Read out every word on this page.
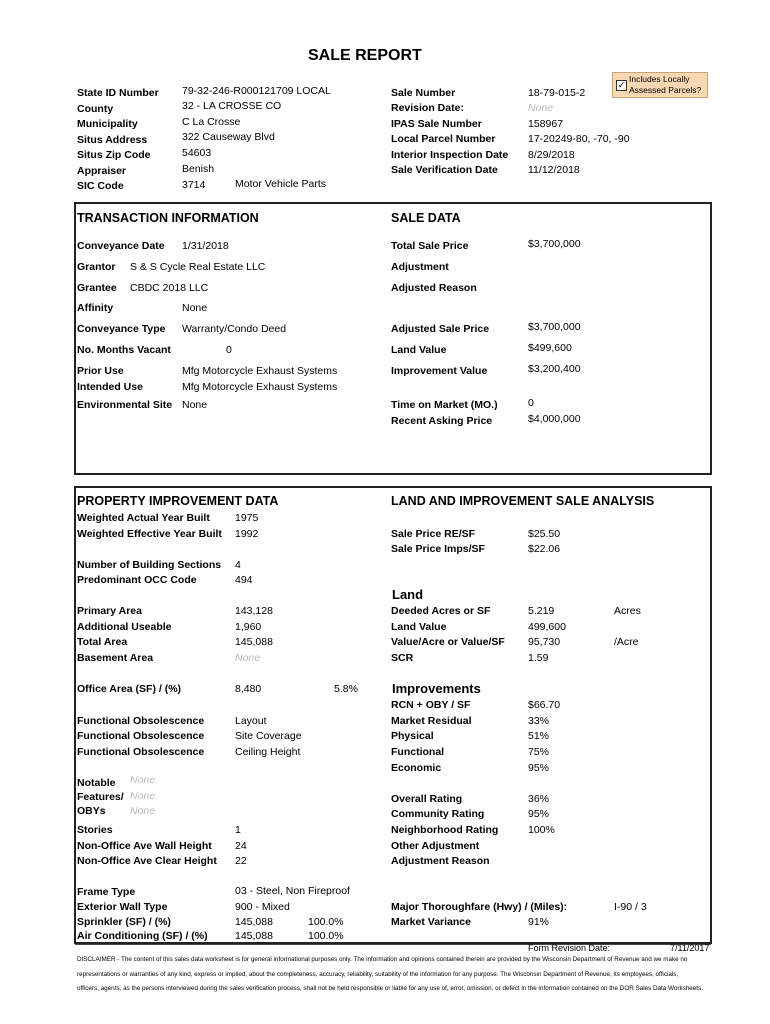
SALE REPORT
✓
Includes Locally Assessed Parcels?
State ID Number 79-32-246-R000121709 LOCAL
County	32 - LA CROSSE CO
Municipality	C La Crosse
Situs Address	322 Causeway Blvd
Situs Zip Code	54603
Appraiser	Benish
SIC Code	3714	Motor Vehicle Parts
Sale Number	18-79-015-2
Revision Date:	None
IPAS Sale Number	158967
Local Parcel Number	17-20249-80, -70, -90
Interior Inspection Date 8/29/2018
Sale Verification Date	11/12/2018
TRANSACTION INFORMATION	SALE DATA
Conveyance Date 1/31/2018
Grantor S & S Cycle Real Estate LLC
Grantee CBDC 2018 LLC
Affinity	None
Conveyance Type Warranty/Condo Deed
No. Months Vacant	0
Prior Use	Mfg Motorcycle Exhaust Systems
Intended Use	Mfg Motorcycle Exhaust Systems
Environmental Site None
Total Sale Price	$3,700,000
Adjustment
Adjusted Reason
Adjusted Sale Price	$3,700,000
Land Value	$499,600
Improvement Value	$3,200,400
Time on Market (MO.)	0
Recent Asking Price	$4,000,000
PROPERTY IMPROVEMENT DATA	LAND AND IMPROVEMENT SALE ANALYSIS
Weighted Actual Year Built 1975
Weighted Effective Year Built 1992
Number of Building Sections 4
Predominant OCC Code	494
Primary Area	143,128
Additional Useable	1,960
Total Area	145,088
Basement Area	None
Office Area (SF) / (%)	8,480	5.8%
Functional Obsolescence	Layout
Functional Obsolescence	Site Coverage
Functional Obsolescence	Ceiling Height
Notable
Features/
OBYs
None
None
None
Stories	1
Non-Office Ave Wall Height 24
Non-Office Ave Clear Height 22
Frame Type	03 - Steel, Non Fireproof
Exterior Wall Type	900 - Mixed
Sprinkler (SF) / (%)	145,088	100.0%
Air Conditioning (SF) / (%)	145,088	100.0%
Sale Price RE/SF	$25.50
Sale Price Imps/SF	$22.06
Land
Deeded Acres or SF	5.219	Acres
Land Value	499,600
Value/Acre or Value/SF 95,730	/Acre
SCR	1.59
Improvements
RCN + OBY / SF	$66.70
Market Residual	33%
Physical	51%
Functional	75%
Economic	95%
Overall Rating	36%
Community Rating	95%
Neighborhood Rating	100%
Other Adjustment
Adjustment Reason
Major Thoroughfare (Hwy) / (Miles):	I-90 / 3
Market Variance	91%
Form Revision Date:	7/11/2017
DISCLAIMER - The content of this sales data worksheet is for general informational purposes only. The information and opinions contained therein are provided by the Wisconsin Department of Revenue and we make no
representations or warranties of any kind, express or implied, about the completeness, accuracy, reliability, suitability of the information for any purpose. The Wisconsin Department of Revenue, its employees, officials,
officers, agents, as the persons interviewed during the sales verification process, shall not be held responsible or liable for any use of, error, omission, or defect in the information contained on the DOR Sales Data Worksheets.
